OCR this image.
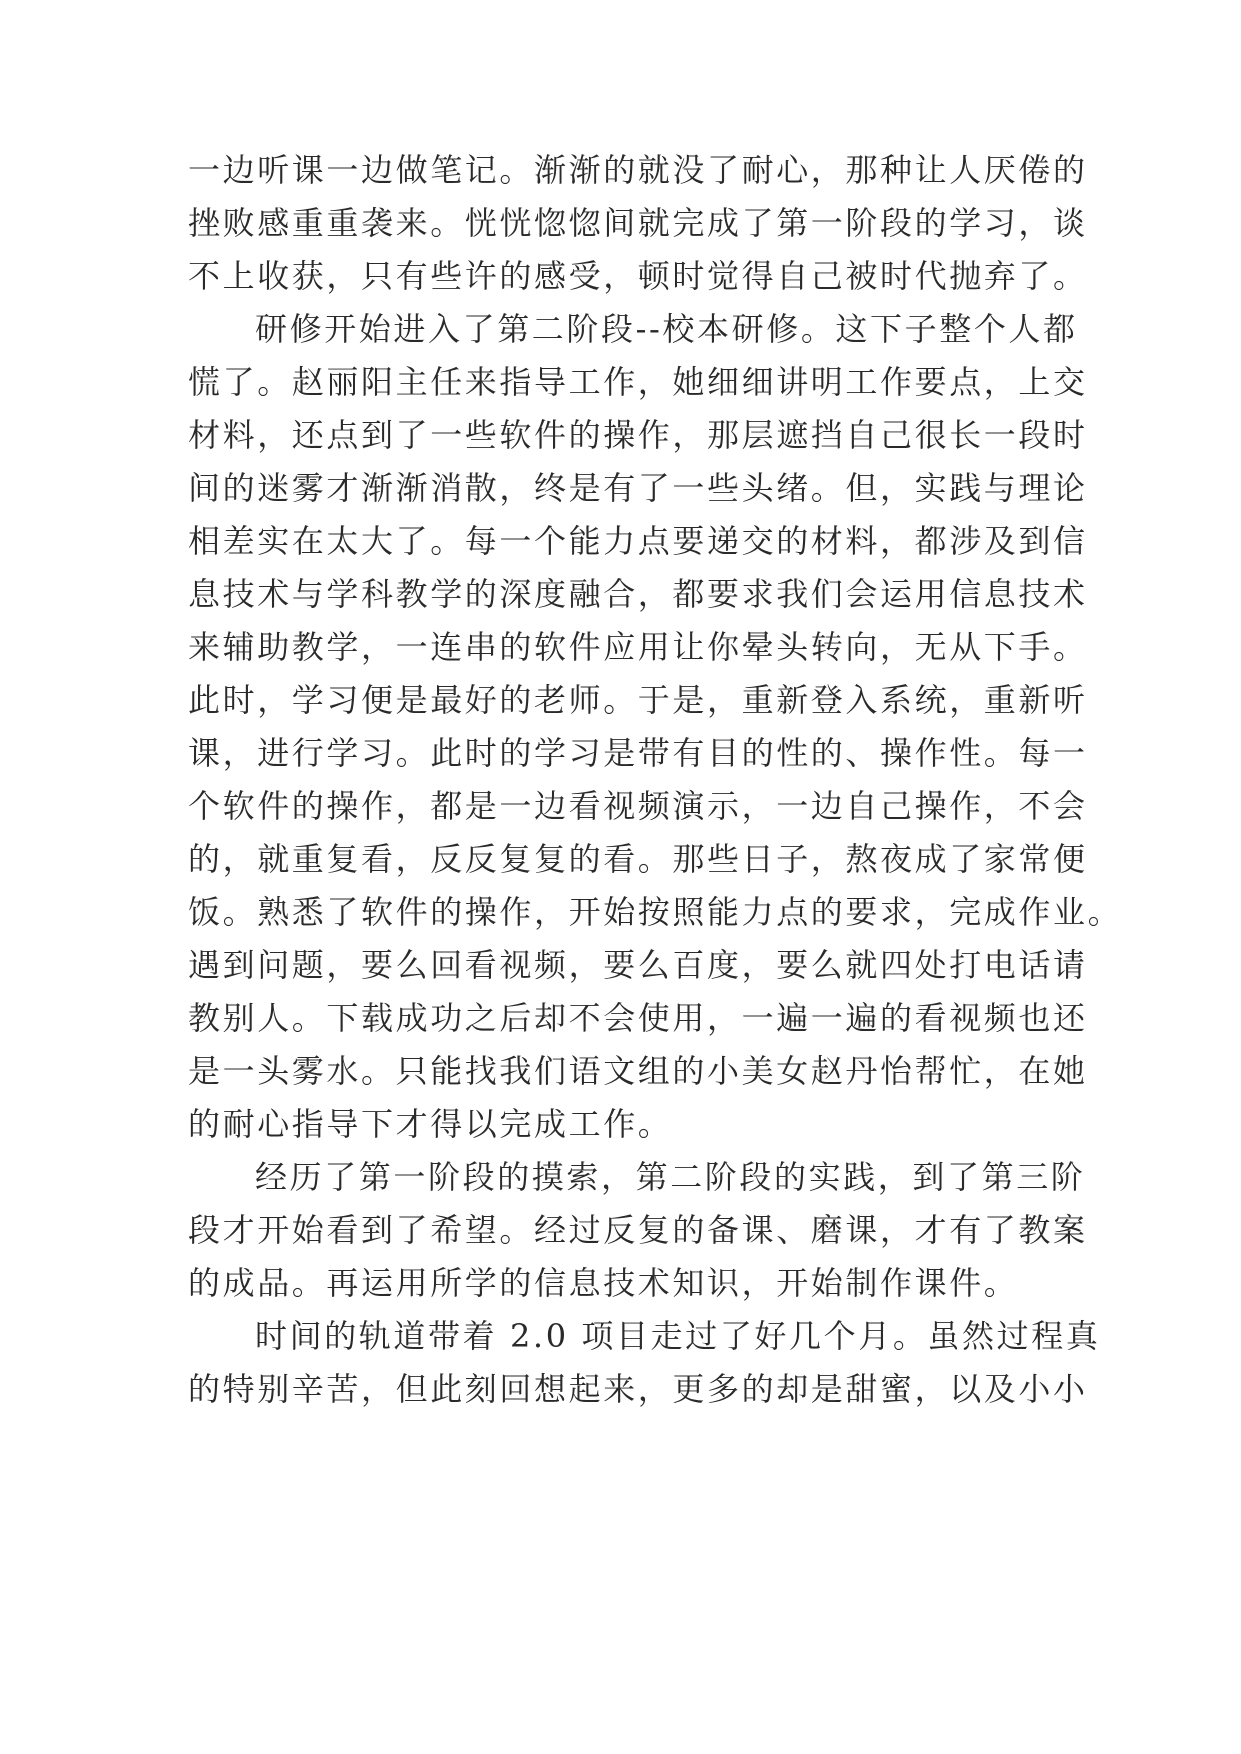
一边听课一边做笔记。渐渐的就没了耐心，那种让人厌倦的
挫败感重重袭来。恍恍惚惚间就完成了第一阶段的学习，谈
不上收获，只有些许的感受，顿时觉得自己被时代抛弃了。
研修开始进入了第二阶段--校本研修。这下子整个人都
慌了。赵丽阳主任来指导工作，她细细讲明工作要点，上交
材料，还点到了一些软件的操作，那层遮挡自己很长一段时
间的迷雾才渐渐消散，终是有了一些头绪。但，实践与理论
相差实在太大了。每一个能力点要递交的材料，都涉及到信
息技术与学科教学的深度融合，都要求我们会运用信息技术
来辅助教学，一连串的软件应用让你晕头转向，无从下手。
此时，学习便是最好的老师。于是，重新登入系统，重新听
课，进行学习。此时的学习是带有目的性的、操作性。每一
个软件的操作，都是一边看视频演示，一边自己操作，不会
的，就重复看，反反复复的看。那些日子，熬夜成了家常便
饭。熟悉了软件的操作，开始按照能力点的要求，完成作业。
遇到问题，要么回看视频，要么百度，要么就四处打电话请
教别人。下载成功之后却不会使用，一遍一遍的看视频也还
是一头雾水。只能找我们语文组的小美女赵丹怡帮忙，在她
的耐心指导下才得以完成工作。
经历了第一阶段的摸索，第二阶段的实践，到了第三阶
段才开始看到了希望。经过反复的备课、磨课，才有了教案
的成品。再运用所学的信息技术知识，开始制作课件。
时间的轨道带着 2.0 项目走过了好几个月。虽然过程真
的特别辛苦，但此刻回想起来，更多的却是甜蜜，以及小小
